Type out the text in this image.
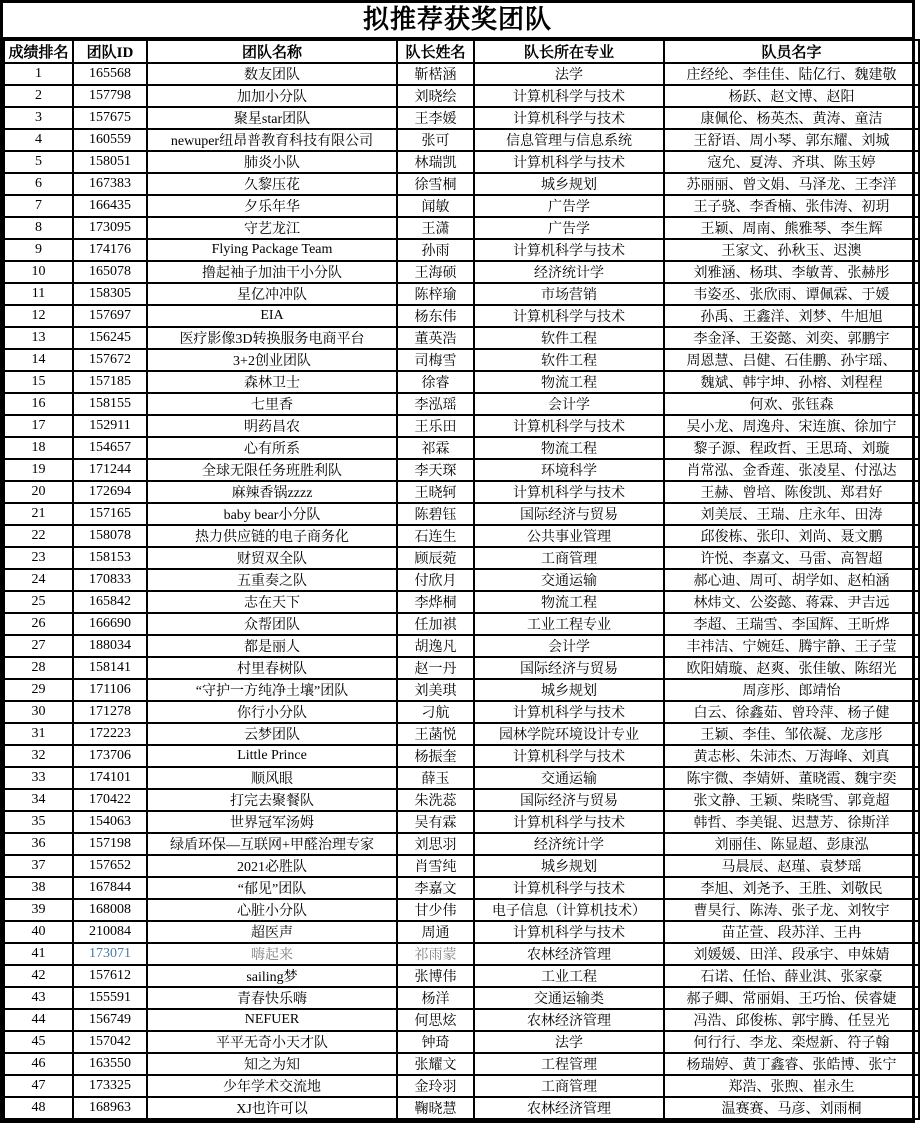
拟推荐获奖团队
成绩排名	团队ID	团队名称	队长姓名	队长所在专业	队员名字
1	165568	数友团队	靳楛涵	法学	庄经纶、李佳佳、陆亿行、魏建敬
2	157798	加加小分队	刘晓绘	计算机科学与技术	杨跃、赵文博、赵阳
3	157675	聚星star团队	王李媛	计算机科学与技术	康佩伦、杨英杰、黄涛、童洁
4	160559	newuper纽昂普教育科技有限公司	张可	信息管理与信息系统	王舒语、周小琴、郭东耀、刘城
5	158051	肺炎小队	林瑞凯	计算机科学与技术	寇允、夏涛、齐琪、陈玉婷
6	167383	久黎压花	徐雪桐	城乡规划	苏丽丽、曾文娟、马泽龙、王李洋
7	166435	夕乐年华	闻敏	广告学	王子骁、李香楠、张伟涛、初玥
8	173095	守艺龙江	王潇	广告学	王颖、周南、熊雅琴、李生辉
9	174176	Flying Package Team	孙雨	计算机科学与技术	王家文、孙秋玉、迟澳
10	165078	撸起袖子加油干小分队	王海硕	经济统计学	刘雅涵、杨琪、李敏菁、张赫彤
11	158305	星亿冲冲队	陈梓瑜	市场营销	韦姿丞、张欣雨、谭佩霖、于媛
12	157697	EIA	杨东伟	计算机科学与技术	孙禹、王鑫洋、刘梦、牛旭旭
13	156245	医疗影像3D转换服务电商平台	董英浩	软件工程	李金泽、王姿懿、刘奕、郭鹏宇
14	157672	3+2创业团队	司梅雪	软件工程	周恩慧、吕健、石佳鹏、孙宇瑶、
15	157185	森林卫士	徐睿	物流工程	魏斌、韩宇坤、孙榕、刘程程
16	158155	七里香	李泓瑶	会计学	何欢、张钰森
17	152911	明药昌农	王乐田	计算机科学与技术	吴小龙、周逸舟、宋连旗、徐加宁
18	154657	心有所系	祁霖	物流工程	黎子源、程政哲、王思琦、刘璇
19	171244	全球无限任务班胜利队	李天琛	环境科学	肖常泓、金香莲、张凌星、付泓达
20	172694	麻辣香锅zzzz	王晓轲	计算机科学与技术	王赫、曾培、陈俊凯、郑君好
21	157165	baby bear小分队	陈碧钰	国际经济与贸易	刘美辰、王瑞、庄永年、田涛
22	158078	热力供应链的电子商务化	石连生	公共事业管理	邱俊栋、张印、刘尚、聂文鹏
23	158153	财贸双全队	顾辰菀	工商管理	许悦、李嘉文、马雷、高智超
24	170833	五重奏之队	付欣月	交通运输	郝心迪、周可、胡学如、赵柏涵
25	165842	志在天下	李烨桐	物流工程	林炜文、公姿懿、蒋霖、尹吉远
26	166690	众帮团队	任加祺	工业工程专业	李超、王瑞雪、李国辉、王昕烨
27	188034	都是丽人	胡逸凡	会计学	丰祎洁、宁婉廷、腾宇静、王子莹
28	158141	村里春树队	赵一丹	国际经济与贸易	欧阳婧璇、赵爽、张佳敏、陈绍光
29	171106	“守护一方纯净土壤”团队	刘美琪	城乡规划	周彦彤、郎靖怡
30	171278	你行小分队	刁航	计算机科学与技术	白云、徐鑫茹、曾玲萍、杨子健
31	172223	云梦团队	王菡悦	园林学院环境设计专业	王颖、李佳、邹依凝、龙彦彤
32	173706	Little Prince	杨振奎	计算机科学与技术	黄志彬、朱沛杰、万海峰、刘真
33	174101	顺风眼	薛玉	交通运输	陈宇微、李婧妍、董晓霞、魏宇奕
34	170422	打完去聚餐队	朱洗蕊	国际经济与贸易	张文静、王颖、柴晓雪、郭竟超
35	154063	世界冠军汤姆	吴有霖	计算机科学与技术	韩哲、李美锟、迟慧芳、徐斯洋
36	157198	绿盾环保—互联网+甲醛治理专家	刘思羽	经济统计学	刘丽佳、陈显超、彭康泓
37	157652	2021必胜队	肖雪纯	城乡规划	马晨辰、赵瑾、袁梦瑶
38	167844	“郁见”团队	李嘉文	计算机科学与技术	李旭、刘尧予、王胜、刘敬民
39	168008	心脏小分队	甘少伟	电子信息（计算机技术）	曹昊行、陈涛、张子龙、刘牧宇
40	210084	超医声	周通	计算机科学与技术	苗芷萱、段苏洋、王冉
41	173071	嗨起来	祁雨蒙	农林经济管理	刘媛媛、田洋、段承宇、申妹婧
42	157612	sailing梦	张博伟	工业工程	石诺、任怡、薛业淇、张家豪
43	155591	青春快乐嗨	杨洋	交通运输类	郝子卿、常丽娟、王巧怡、侯睿婕
44	156749	NEFUER	何思炫	农林经济管理	冯浩、邱俊栋、郭宇腾、任昱光
45	157042	平平无奇小天才队	钟琦	法学	何行行、李龙、栾煜新、符子翰
46	163550	知之为知	张耀文	工程管理	杨瑞婷、黄丁鑫睿、张皓博、张宁
47	173325	少年学术交流地	金玲羽	工商管理	郑浩、张煦、崔永生
48	168963	XJ也许可以	鞠晓慧	农林经济管理	温赛赛、马彦、刘雨桐
